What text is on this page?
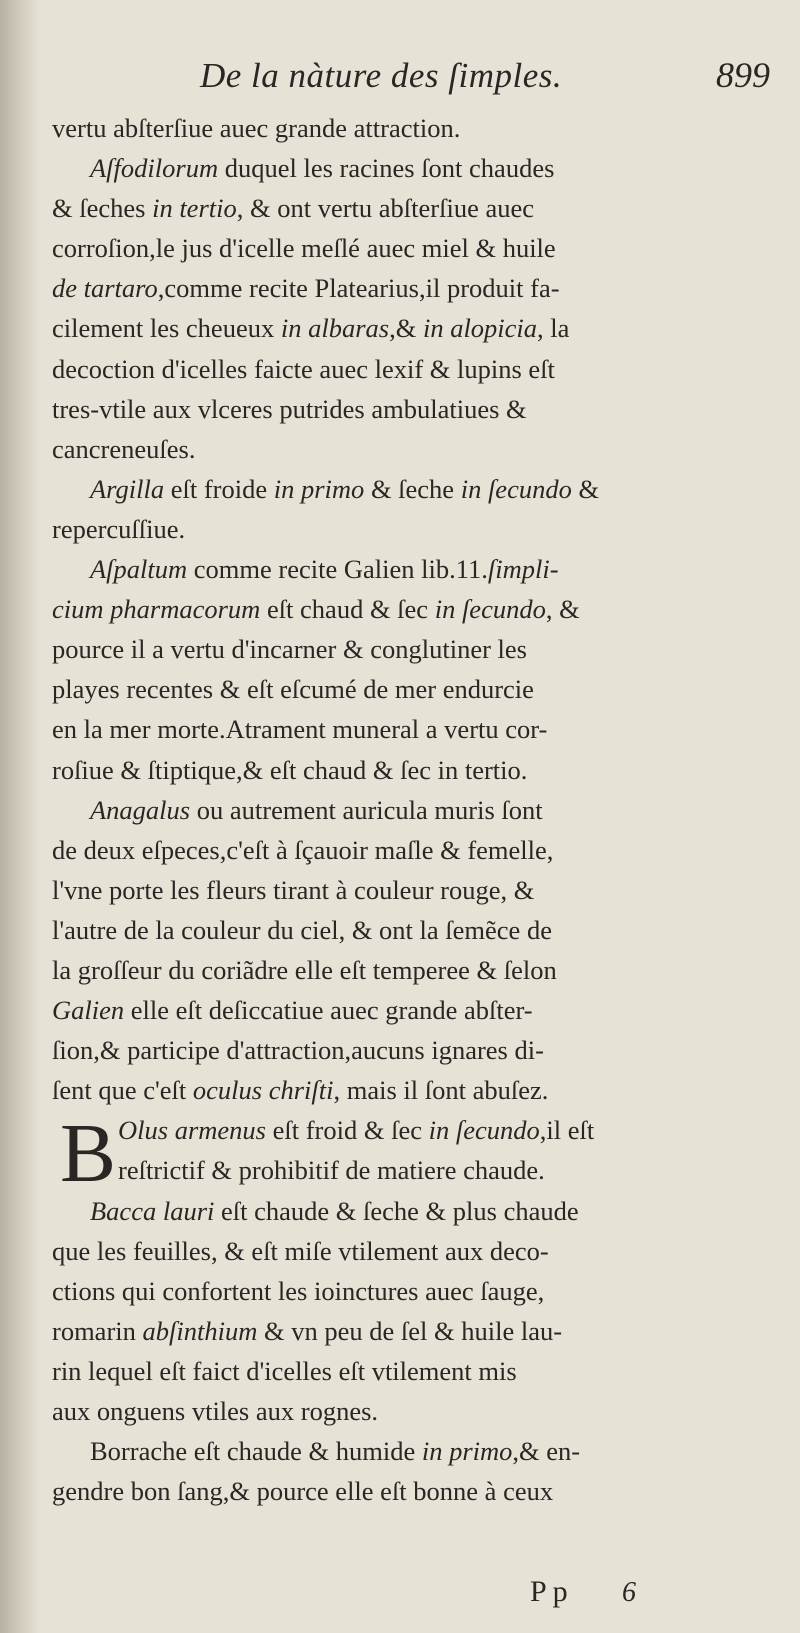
De la nàture des ſimples.	899
vertu abſterſiue auec grande attraction.
Aſfodilorum duquel les racines ſont chaudes
& ſeches in tertio, & ont vertu abſterſiue auec
corroſion,le jus d'icelle meſlé auec miel & huile
de tartaro,comme recite Platearius,il produit fa-
cilement les cheueux in albaras,& in alopicia, la
decoction d'icelles faicte auec lexif & lupins eſt
tres-vtile aux vlceres putrides ambulatiues &
cancreneuſes.
Argilla eſt froide in primo & ſeche in ſecundo &
repercuſſiue.
Aſpaltum comme recite Galien lib.11.ſimpli-
cium pharmacorum eſt chaud & ſec in ſecundo, &
pource il a vertu d'incarner & conglutiner les
playes recentes & eſt eſcumé de mer endurcie
en la mer morte.Atrament muneral a vertu cor-
roſiue & ſtiptique,& eſt chaud & ſec in tertio.
Anagalus ou autrement auricula muris ſont
de deux eſpeces,c'eſt à ſçauoir maſle & femelle,
l'vne porte les fleurs tirant à couleur rouge, &
l'autre de la couleur du ciel, & ont la ſemẽce de
la groſſeur du coriãdre elle eſt temperee & ſelon
Galien elle eſt deſiccatiue auec grande abſter-
ſion,& participe d'attraction,aucuns ignares di-
ſent que c'eſt oculus chriſti, mais il ſont abuſez.
B Olus armenus eſt froid & ſec in ſecundo,il eſt
reſtrictif & prohibitif de matiere chaude.
Bacca lauri eſt chaude & ſeche & plus chaude
que les feuilles, & eſt miſe vtilement aux deco-
ctions qui confortent les ioinctures auec ſauge,
romarin abſinthium & vn peu de ſel & huile lau-
rin lequel eſt faict d'icelles eſt vtilement mis
aux onguens vtiles aux rognes.
Borrache eſt chaude & humide in primo,& en-
gendre bon ſang,& pource elle eſt bonne à ceux
Pp 6
